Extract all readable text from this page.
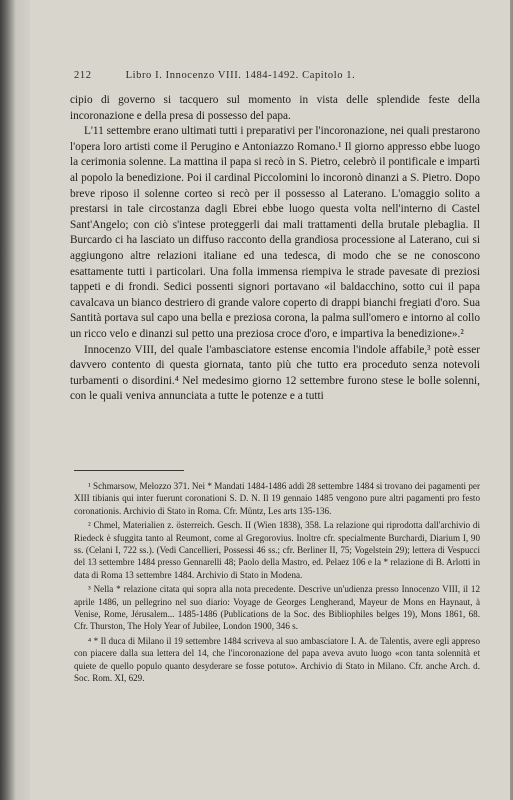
212	Libro I. Innocenzo VIII. 1484-1492. Capitolo 1.

cipio di governo si tacquero sul momento in vista delle splendide feste della incoronazione e della presa di possesso del papa.

L'11 settembre erano ultimati tutti i preparativi per l'incoronazione, nei quali prestarono l'opera loro artisti come il Perugino e Antoniazzo Romano.¹ Il giorno appresso ebbe luogo la cerimonia solenne. La mattina il papa si recò in S. Pietro, celebrò il pontificale e impartì al popolo la benedizione. Poi il cardinal Piccolomini lo incoronò dinanzi a S. Pietro. Dopo breve riposo il solenne corteo si recò per il possesso al Laterano. L'omaggio solito a prestarsi in tale circostanza dagli Ebrei ebbe luogo questa volta nell'interno di Castel Sant'Angelo; con ciò s'intese proteggerli dai mali trattamenti della brutale plebaglia. Il Burcardo ci ha lasciato un diffuso racconto della grandiosa processione al Laterano, cui si aggiungono altre relazioni italiane ed una tedesca, di modo che se ne conoscono esattamente tutti i particolari. Una folla immensa riempiva le strade pavesate di preziosi tappeti e di frondi. Sedici possenti signori portavano «il baldacchino, sotto cui il papa cavalcava un bianco destriero di grande valore coperto di drappi bianchi fregiati d'oro. Sua Santità portava sul capo una bella e preziosa corona, la palma sull'omero e intorno al collo un ricco velo e dinanzi sul petto una preziosa croce d'oro, e impartiva la benedizione».²

Innocenzo VIII, del quale l'ambasciatore estense encomia l'indole affabile,³ potè esser davvero contento di questa giornata, tanto più che tutto era proceduto senza notevoli turbamenti o disordini.⁴ Nel medesimo giorno 12 settembre furono stese le bolle solenni, con le quali veniva annunciata a tutte le potenze e a tutti

¹ Schmarsow, Melozzo 371. Nei * Mandati 1484-1486 addì 28 settembre 1484 si trovano dei pagamenti per XIII tibianis qui inter fuerunt coronationi S. D. N. Il 19 gennaio 1485 vengono pure altri pagamenti pro festo coronationis. Archivio di Stato in Roma. Cfr. Müntz, Les arts 135-136.

² Chmel, Materialien z. österreich. Gesch. II (Wien 1838), 358. La relazione qui riprodotta dall'archivio di Riedeck è sfuggita tanto al Reumont, come al Gregorovius. Inoltre cfr. specialmente Burchardi, Diarium I, 90 ss. (Celani I, 722 ss.). (Vedi Cancellieri, Possessi 46 ss.; cfr. Berliner II, 75; Vogelstein 29); lettera di Vespucci del 13 settembre 1484 presso Gennarelli 48; Paolo della Mastro, ed. Pelaez 106 e la * relazione di B. Arlotti in data di Roma 13 settembre 1484. Archivio di Stato in Modena.

³ Nella * relazione citata qui sopra alla nota precedente. Descrive un'udienza presso Innocenzo VIII, il 12 aprile 1486, un pellegrino nel suo diario: Voyage de Georges Lengherand, Mayeur de Mons en Haynaut, à Venise, Rome, Jérusalem... 1485-1486 (Publications de la Soc. des Bibliophiles belges 19), Mons 1861, 68. Cfr. Thurston, The Holy Year of Jubilee, London 1900, 346 s.

⁴ * Il duca di Milano il 19 settembre 1484 scriveva al suo ambasciatore I. A. de Talentis, avere egli appreso con piacere dalla sua lettera del 14, che l'incoronazione del papa aveva avuto luogo «con tanta solennità et quiete de quello populo quanto desyderare se fosse potuto». Archivio di Stato in Milano. Cfr. anche Arch. d. Soc. Rom. XI, 629.
